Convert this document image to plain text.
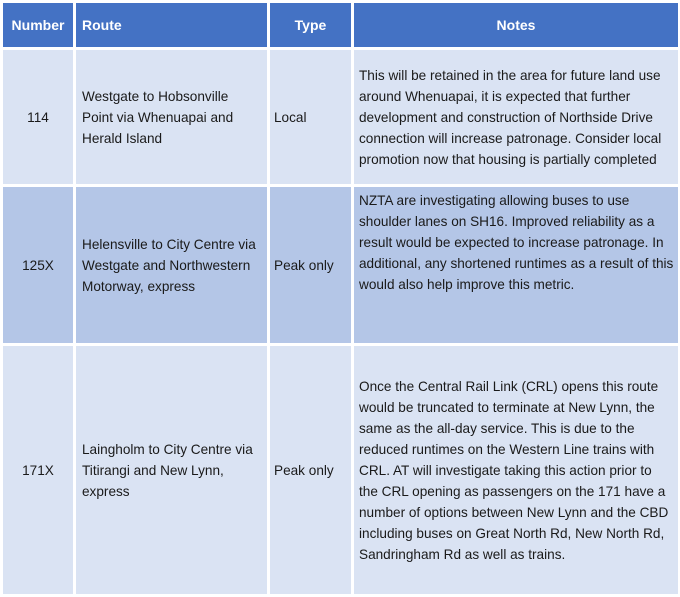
Number Route	Type	Notes
114
Westgate to Hobsonville Point via Whenuapai and Herald Island
Local
This will be retained in the area for future land use around Whenuapai, it is expected that further development and construction of Northside Drive connection will increase patronage. Consider local promotion now that housing is partially completed
125X
Helensville to City Centre via Westgate and Northwestern Motorway, express
Peak only
NZTA are investigating allowing buses to use shoulder lanes on SH16. Improved reliability as a result would be expected to increase patronage. In additional, any shortened runtimes as a result of this would also help improve this metric.
171X
Laingholm to City Centre via Titirangi and New Lynn, express
Peak only
Once the Central Rail Link (CRL) opens this route would be truncated to terminate at New Lynn, the same as the all-day service. This is due to the reduced runtimes on the Western Line trains with CRL. AT will investigate taking this action prior to the CRL opening as passengers on the 171 have a number of options between New Lynn and the CBD including buses on Great North Rd, New North Rd, Sandringham Rd as well as trains.
